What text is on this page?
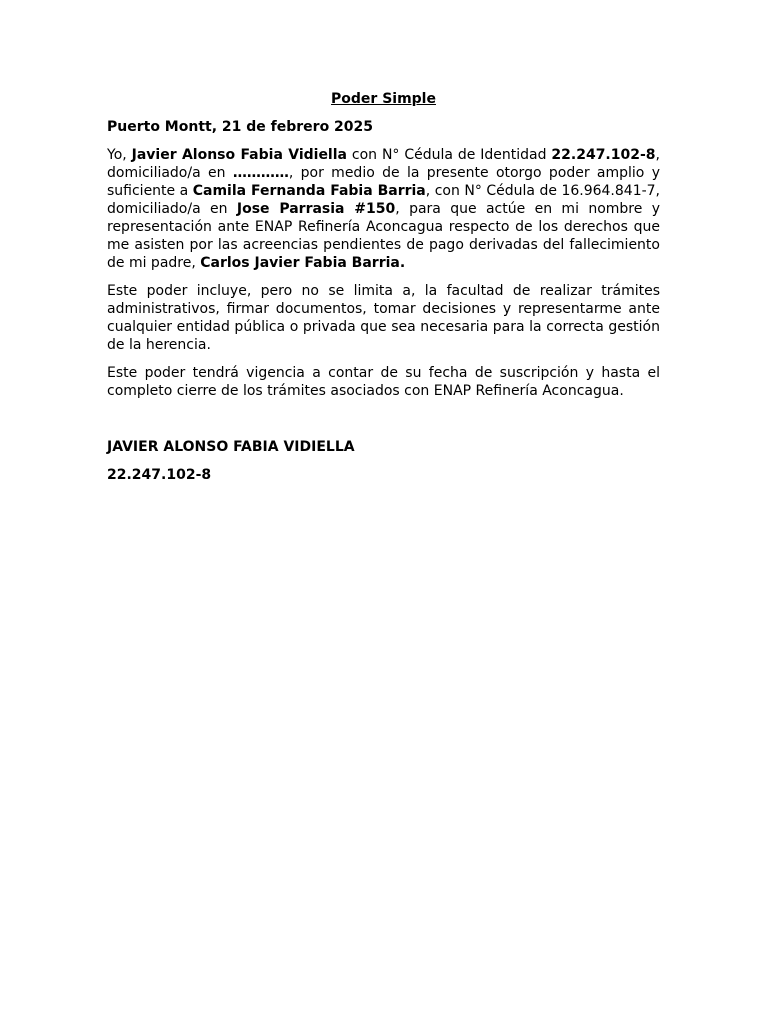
Poder Simple

Puerto Montt, 21 de febrero 2025

Yo, Javier Alonso Fabia Vidiella con N° Cédula de Identidad 22.247.102-8, domiciliado/a en …………, por medio de la presente otorgo poder amplio y suficiente a Camila Fernanda Fabia Barria, con N° Cédula de 16.964.841-7, domiciliado/a en Jose Parrasia #150, para que actúe en mi nombre y representación ante ENAP Refinería Aconcagua respecto de los derechos que me asisten por las acreencias pendientes de pago derivadas del fallecimiento de mi padre, Carlos Javier Fabia Barria.

Este poder incluye, pero no se limita a, la facultad de realizar trámites administrativos, firmar documentos, tomar decisiones y representarme ante cualquier entidad pública o privada que sea necesaria para la correcta gestión de la herencia.

Este poder tendrá vigencia a contar de su fecha de suscripción y hasta el completo cierre de los trámites asociados con ENAP Refinería Aconcagua.

JAVIER ALONSO FABIA VIDIELLA

22.247.102-8
